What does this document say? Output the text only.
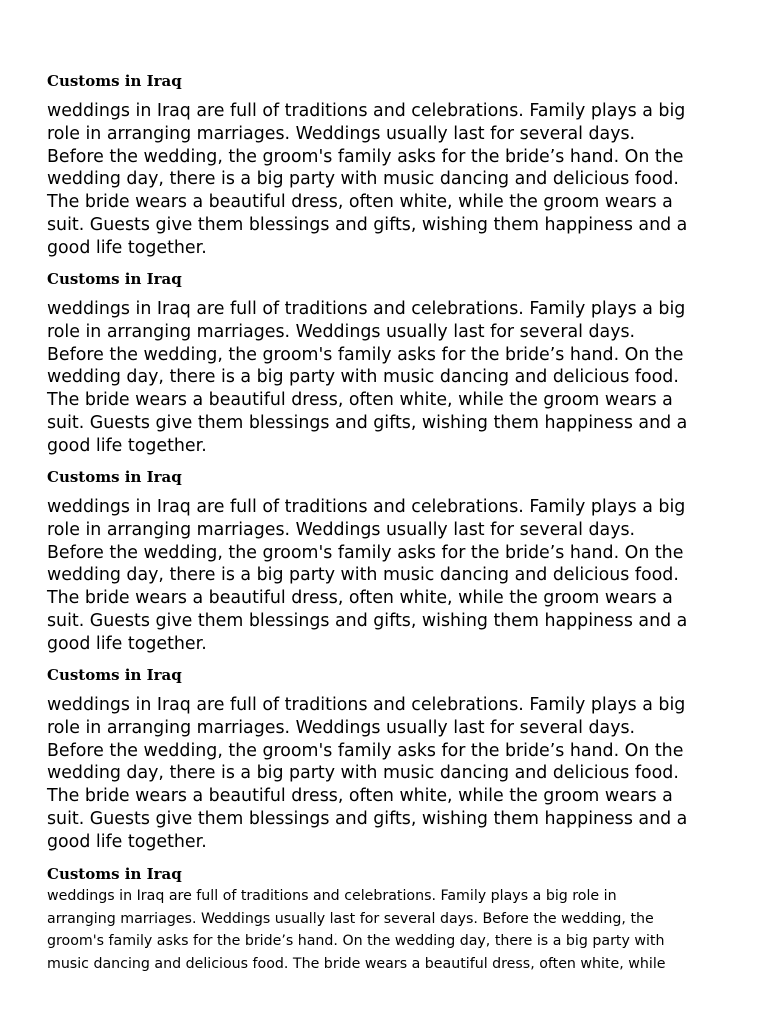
Customs in Iraq

weddings in Iraq are full of traditions and celebrations. Family plays a big
role in arranging marriages. Weddings usually last for several days.
Before the wedding, the groom's family asks for the bride’s hand. On the
wedding day, there is a big party with music dancing and delicious food.
The bride wears a beautiful dress, often white, while the groom wears a
suit. Guests give them blessings and gifts, wishing them happiness and a
good life together.

Customs in Iraq

weddings in Iraq are full of traditions and celebrations. Family plays a big
role in arranging marriages. Weddings usually last for several days.
Before the wedding, the groom's family asks for the bride’s hand. On the
wedding day, there is a big party with music dancing and delicious food.
The bride wears a beautiful dress, often white, while the groom wears a
suit. Guests give them blessings and gifts, wishing them happiness and a
good life together.

Customs in Iraq

weddings in Iraq are full of traditions and celebrations. Family plays a big
role in arranging marriages. Weddings usually last for several days.
Before the wedding, the groom's family asks for the bride’s hand. On the
wedding day, there is a big party with music dancing and delicious food.
The bride wears a beautiful dress, often white, while the groom wears a
suit. Guests give them blessings and gifts, wishing them happiness and a
good life together.

Customs in Iraq

weddings in Iraq are full of traditions and celebrations. Family plays a big
role in arranging marriages. Weddings usually last for several days.
Before the wedding, the groom's family asks for the bride’s hand. On the
wedding day, there is a big party with music dancing and delicious food.
The bride wears a beautiful dress, often white, while the groom wears a
suit. Guests give them blessings and gifts, wishing them happiness and a
good life together.

Customs in Iraq

weddings in Iraq are full of traditions and celebrations. Family plays a big role in
arranging marriages. Weddings usually last for several days. Before the wedding, the
groom's family asks for the bride’s hand. On the wedding day, there is a big party with
music dancing and delicious food. The bride wears a beautiful dress, often white, while
